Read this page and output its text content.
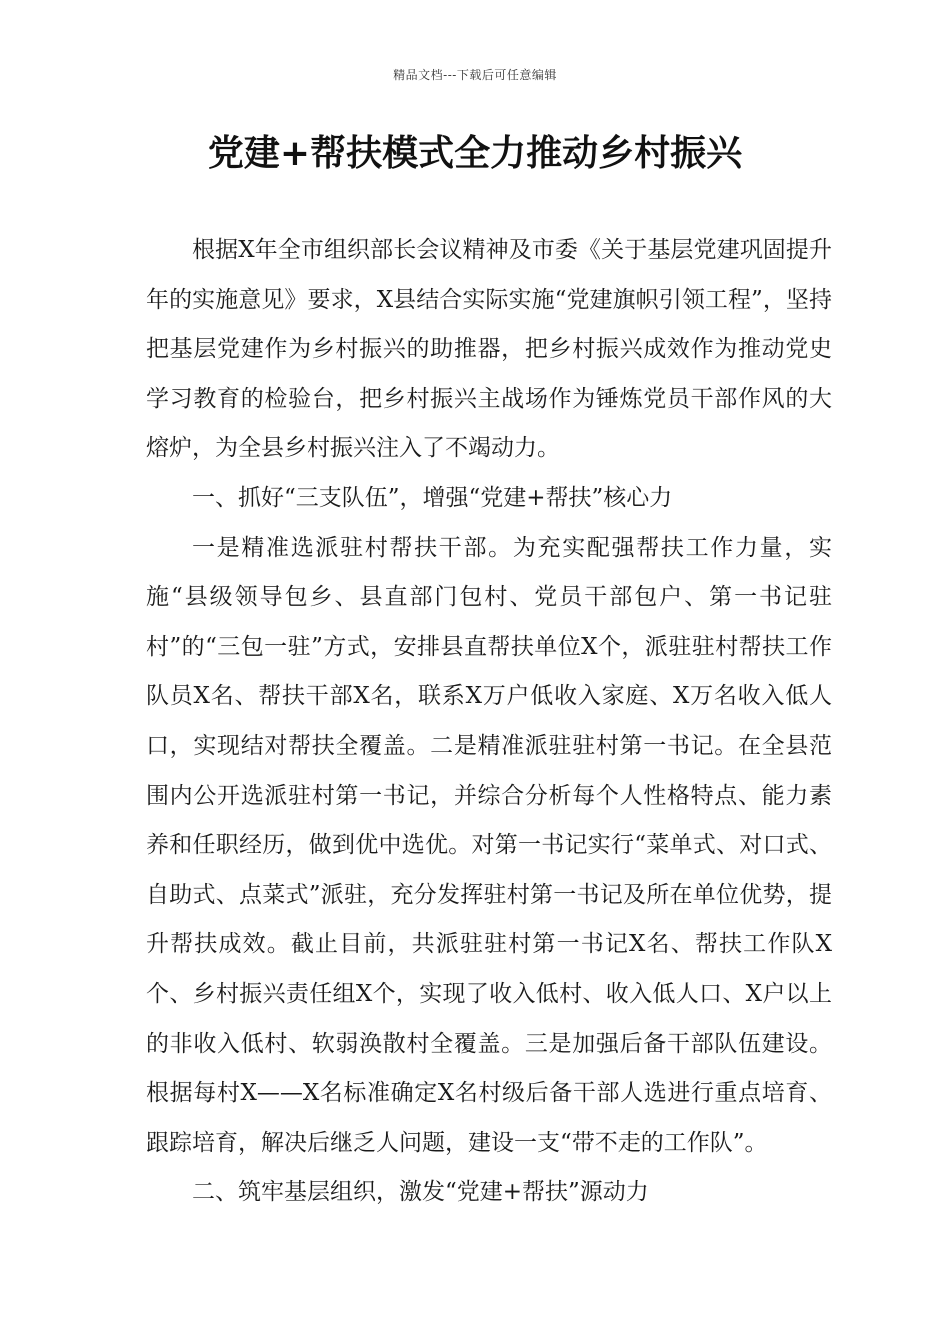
精品文档---下载后可任意编辑
党建+帮扶模式全力推动乡村振兴

根据X年全市组织部长会议精神及市委《关于基层党建巩固提升年的实施意见》要求，X县结合实际实施“党建旗帜引领工程”，坚持把基层党建作为乡村振兴的助推器，把乡村振兴成效作为推动党史学习教育的检验台，把乡村振兴主战场作为锤炼党员干部作风的大熔炉，为全县乡村振兴注入了不竭动力。

一、抓好“三支队伍”，增强“党建+帮扶”核心力

一是精准选派驻村帮扶干部。为充实配强帮扶工作力量，实施“县级领导包乡、县直部门包村、党员干部包户、第一书记驻村”的“三包一驻”方式，安排县直帮扶单位X个，派驻驻村帮扶工作队员X名、帮扶干部X名，联系X万户低收入家庭、X万名收入低人口，实现结对帮扶全覆盖。二是精准派驻驻村第一书记。在全县范围内公开选派驻村第一书记，并综合分析每个人性格特点、能力素养和任职经历，做到优中选优。对第一书记实行“菜单式、对口式、自助式、点菜式”派驻，充分发挥驻村第一书记及所在单位优势，提升帮扶成效。截止目前，共派驻驻村第一书记X名、帮扶工作队X个、乡村振兴责任组X个，实现了收入低村、收入低人口、X户以上的非收入低村、软弱涣散村全覆盖。三是加强后备干部队伍建设。根据每村X——X名标准确定X名村级后备干部人选进行重点培育、跟踪培育，解决后继乏人问题，建设一支“带不走的工作队”。

二、筑牢基层组织，激发“党建+帮扶”源动力
